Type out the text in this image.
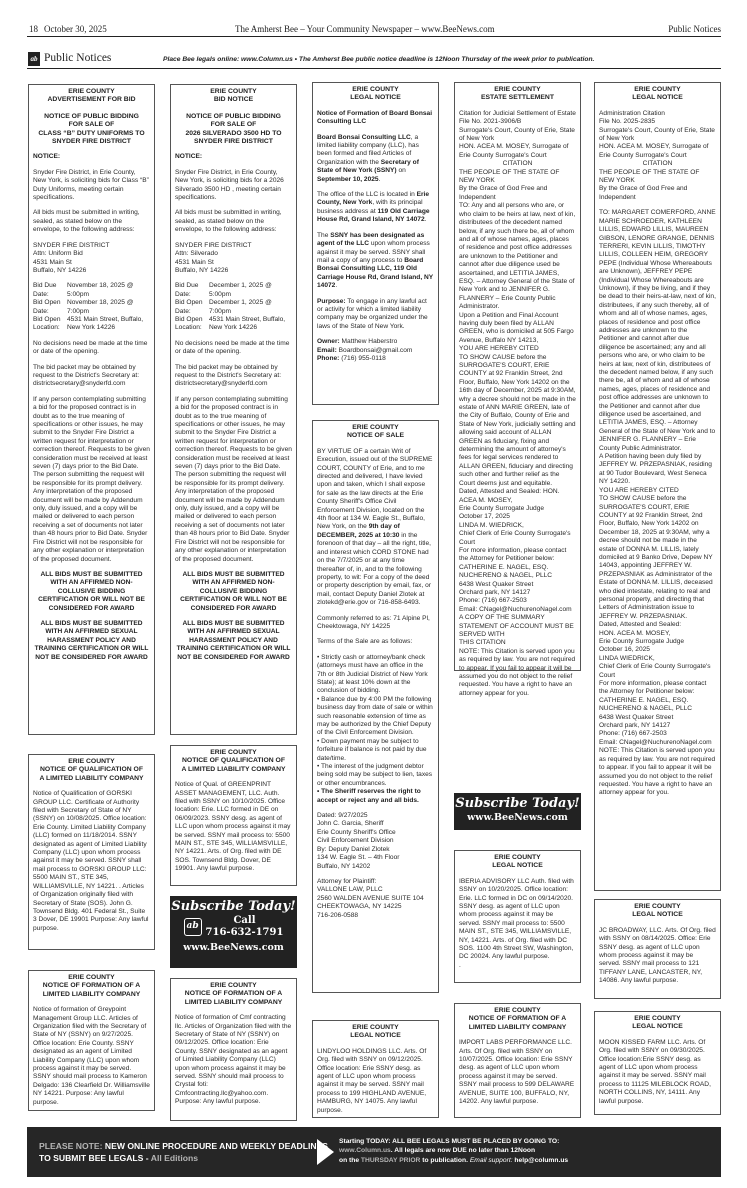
18 October 30, 2025	The Amherst Bee – Your Community Newspaper – www.BeeNews.com	Public Notices
ab Public Notices	Place Bee legals online: www.Column.us • The Amherst Bee public notice deadline is 12Noon Thursday of the week prior to publication.
ERIE COUNTY
ADVERTISEMENT FOR BID
NOTICE OF PUBLIC BIDDING
FOR SALE OF
CLASS “B” DUTY UNIFORMS TO
SNYDER FIRE DISTRICT
NOTICE:
Snyder Fire District, in Erie County, New York, is soliciting bids for Class “B” Duty Uniforms, meeting certain specifications.
All bids must be submitted in writing, sealed, as stated below on the envelope, to the following address:
SNYDER FIRE DISTRICT
Attn: Uniform Bid
4531 Main St
Buffalo, NY 14226
Bid Due Date:
November 18, 2025 @ 5:00pm
Bid Open Date:
November 18, 2025 @ 7:00pm
Bid Open Location:
4531 Main Street, Buffalo, New York 14226
No decisions need be made at the time or date of the opening.
The bid packet may be obtained by request to the District's Secretary at: districtsecretary@snyderfd.com
If any person contemplating submitting a bid for the proposed contract is in doubt as to the true meaning of specifications or other issues, he may submit to the Snyder Fire District a written request for interpretation or correction thereof. Requests to be given consideration must be received at least seven (7) days prior to the Bid Date. The person submitting the request will be responsible for its prompt delivery. Any interpretation of the proposed document will be made by Addendum only, duly issued, and a copy will be mailed or delivered to each person receiving a set of documents not later than 48 hours prior to Bid Date. Snyder Fire District will not be responsible for any other explanation or interpretation of the proposed document.
ALL BIDS MUST BE SUBMITTED WITH AN AFFIRMED NON-COLLUSIVE BIDDING CERTIFICATION OR WILL NOT BE CONSIDERED FOR AWARD
ALL BIDS MUST BE SUBMITTED WITH AN AFFIRMED SEXUAL HARASSMENT POLICY AND TRAINING CERTIFICATION OR WILL NOT BE CONSIDERED FOR AWARD
ERIE COUNTY
BID NOTICE
NOTICE OF PUBLIC BIDDING
FOR SALE OF
2026 SILVERADO 3500 HD TO
SNYDER FIRE DISTRICT
NOTICE:
Snyder Fire District, in Erie County, New York, is soliciting bids for a 2026 Silverado 3500 HD , meeting certain specifications.
All bids must be submitted in writing, sealed, as stated below on the envelope, to the following address:
SNYDER FIRE DISTRICT
Attn: Silverado
4531 Main St
Buffalo, NY 14226
Bid Due Date:
December 1, 2025 @ 5:00pm
Bid Open Date:
December 1, 2025 @ 7:00pm
Bid Open Location:
4531 Main Street, Buffalo, New York 14226
No decisions need be made at the time or date of the opening.
The bid packet may be obtained by request to the District's Secretary at: districtsecretary@snyderfd.com
If any person contemplating submitting a bid for the proposed contract is in doubt as to the true meaning of specifications or other issues, he may submit to the Snyder Fire District a written request for interpretation or correction thereof. Requests to be given consideration must be received at least seven (7) days prior to the Bid Date. The person submitting the request will be responsible for its prompt delivery. Any interpretation of the proposed document will be made by Addendum only, duly issued, and a copy will be mailed or delivered to each person receiving a set of documents not later than 48 hours prior to Bid Date. Snyder Fire District will not be responsible for any other explanation or interpretation of the proposed document.
ALL BIDS MUST BE SUBMITTED WITH AN AFFIRMED NON-COLLUSIVE BIDDING CERTIFICATION OR WILL NOT BE CONSIDERED FOR AWARD
ALL BIDS MUST BE SUBMITTED WITH AN AFFIRMED SEXUAL HARASSMENT POLICY AND TRAINING CERTIFICATION OR WILL NOT BE CONSIDERED FOR AWARD
ERIE COUNTY
NOTICE OF QUALIFICATION OF
A LIMITED LIABILITY COMPANY
Notice of Qualification of GORSKI GROUP LLC. Certificate of Authority filed with Secretary of State of NY (SSNY) on 10/08/2025. Office location: Erie County. Limited Liability Company (LLC) formed on 11/18/2014. SSNY designated as agent of Limited Liability Company (LLC) upon whom process against it may be served. SSNY shall mail process to GORSKI GROUP LLC: 5500 MAIN ST., STE 345, WILLIAMSVILLE, NY 14221. . Articles of Organization originally filed with Secretary of State (SOS). John G. Townsend Bldg. 401 Federal St., Suite 3 Dover, DE 19901 Purpose: Any lawful purpose.
ERIE COUNTY
NOTICE OF FORMATION OF A
LIMITED LIABILITY COMPANY
Notice of formation of Greypoint Management Group LLC. Articles of Organization filed with the Secretary of State of NY (SSNY) on 9/27/2025. Office location: Erie County. SSNY designated as an agent of Limited Liability Company (LLC) upon whom process against it may be served. SSNY should mail process to Kameron Delgado: 136 Clearfield Dr. Williamsville NY 14221. Purpose: Any lawful purpose.
ERIE COUNTY
NOTICE OF QUALIFICATION OF
A LIMITED LIABILITY COMPANY
Notice of Qual. of GREENPRINT ASSET MANAGEMENT, LLC. Auth. filed with SSNY on 10/10/2025. Office location: Erie. LLC formed in DE on 06/09/2023. SSNY desg. as agent of LLC upon whom process against it may be served. SSNY mail process to: 5500 MAIN ST., STE 345, WILLIAMSVILLE, NY 14221. Arts. of Org. filed with DE SOS. Townsend Bldg. Dover, DE 19901. Any lawful purpose.
ERIE COUNTY
NOTICE OF FORMATION OF A
LIMITED LIABILITY COMPANY
Notice of formation of Cmf contracting llc. Articles of Organization filed with the Secretary of State of NY (SSNY) on 09/12/2025. Office location: Erie County. SSNY designated as an agent of Limited Liability Company (LLC) upon whom process against it may be served. SSNY should mail process to Crystal foti: Cmfcontracting.llc@yahoo.com. Purpose: Any lawful purpose.
ERIE COUNTY
LEGAL NOTICE
Notice of Formation of Board Bonsai Consulting LLC
Board Bonsai Consulting LLC, a limited liability company (LLC), has been formed and filed Articles of Organization with the Secretary of State of New York (SSNY) on September 10, 2025.
The office of the LLC is located in Erie County, New York, with its principal business address at 119 Old Carriage House Rd, Grand Island, NY 14072.
The SSNY has been designated as agent of the LLC upon whom process against it may be served. SSNY shall mail a copy of any process to Board Bonsai Consulting LLC, 119 Old Carriage House Rd, Grand Island, NY 14072.
Purpose: To engage in any lawful act or activity for which a limited liability company may be organized under the laws of the State of New York.
Owner: Matthew Haberstro
Email: Boardbonsai@gmail.com
Phone: (716) 955-0118
ERIE COUNTY
NOTICE OF SALE
BY VIRTUE OF a certain Writ of Execution, issued out of the SUPREME COURT, COUNTY of Erie, and to me directed and delivered, I have levied upon and taken, which I shall expose for sale as the law directs at the Erie County Sheriff's Office Civil Enforcement Division, located on the 4th floor at 134 W. Eagle St., Buffalo, New York, on the 9th day of DECEMBER, 2025 at 10:30 in the forenoon of that day – all the right, title, and interest which CORD STONE had on the 7/7/2025 or at any time thereafter of, in, and to the following property, to wit: For a copy of the deed or property description by email, fax, or mail, contact Deputy Daniel Zlotek at zlotekd@erie.gov or 716-858-6493.
Commonly referred to as: 71 Alpine Pl, Cheektowaga, NY 14225
Terms of the Sale are as follows:
• Strictly cash or attorney/bank check (attorneys must have an office in the 7th or 8th Judicial District of New York State); at least 10% down at the conclusion of bidding.
• Balance due by 4:00 PM the following business day from date of sale or within such reasonable extension of time as may be authorized by the Chief Deputy of the Civil Enforcement Division.
• Down payment may be subject to forfeiture if balance is not paid by due date/time.
• The interest of the judgment debtor being sold may be subject to lien, taxes or other encumbrances.
• The Sheriff reserves the right to accept or reject any and all bids.
Dated: 9/27/2025
John C. Garcia, Sheriff
Erie County Sheriff's Office
Civil Enforcement Division
By: Deputy Daniel Zlotek
134 W. Eagle St. – 4th Floor
Buffalo, NY 14202
Attorney for Plaintiff:
VALLONE LAW, PLLC
2560 WALDEN AVENUE SUITE 104
CHEEKTOWAGA, NY 14225
716-206-0588
ERIE COUNTY
LEGAL NOTICE
LINDYLOO HOLDINGS LLC. Arts. Of Org. filed with SSNY on 09/12/2025. Office location: Erie SSNY desg. as agent of LLC upon whom process against it may be served. SSNY mail process to 199 HIGHLAND AVENUE, HAMBURG, NY 14075. Any lawful purpose.
ERIE COUNTY
ESTATE SETTLEMENT
Citation for Judicial Settlement of Estate
File No. 2021-3906/B
Surrogate's Court, County of Erie, State of New York
HON. ACEA M. MOSEY, Surrogate of Erie County Surrogate's Court
CITATION
THE PEOPLE OF THE STATE OF NEW YORK
By the Grace of God Free and Independent
TO: Any and all persons who are, or who claim to be heirs at law, next of kin, distributees of the decedent named below, if any such there be, all of whom and all of whose names, ages, places of residence and post office addresses are unknown to the Petitioner and cannot after due diligence used be ascertained, and LETITIA JAMES, ESQ. – Attorney General of the State of New York and to JENNIFER G. FLANNERY – Erie County Public Administrator.
Upon a Petition and Final Account having duly been filed by ALLAN GREEN, who is domiciled at 505 Fargo Avenue, Buffalo NY 14213,
YOU ARE HEREBY CITED
TO SHOW CAUSE before the SURROGATE'S COURT, ERIE COUNTY at 92 Franklin Street, 2nd Floor, Buffalo, New York 14202 on the 16th day of December, 2025 at 9:30AM, why a decree should not be made in the estate of ANN MARIE GREEN, late of the City of Buffalo, County of Erie and State of New York, judicially settling and allowing said account of ALLAN GREEN as fiduciary, fixing and determining the amount of attorney's fees for legal services rendered to ALLAN GREEN, fiduciary and directing such other and further relief as the Court deems just and equitable.
Dated, Attested and Sealed: HON. ACEA M. MOSEY,
Erie County Surrogate Judge
October 17, 2025
LINDA M. WIEDRICK,
Chief Clerk of Erie County Surrogate's Court
For more information, please contact
the Attorney for Petitioner below:
CATHERINE E. NAGEL, ESQ.
NUCHERENO & NAGEL, PLLC
6438 West Quaker Street
Orchard park, NY 14127
Phone: (716) 667-2503
Email: CNagel@NuchurenoNagel.com
A COPY OF THE SUMMARY STATEMENT OF ACCOUNT MUST BE SERVED WITH
THIS CITATION
NOTE: This Citation is served upon you as required by law. You are not required to appear. If you fail to appear it will be assumed you do not object to the relief requested. You have a right to have an attorney appear for you.
ERIE COUNTY
LEGAL NOTICE
IBERIA ADVISORY LLC Auth. filed with SSNY on 10/20/2025. Office location: Erie. LLC formed in DC on 09/14/2020. SSNY desg. as agent of LLC upon whom process against it may be served. SSNY mail process to: 5500 MAIN ST., STE 345, WILLIAMSVILLE, NY, 14221. Arts. of Org. filed with DC SOS. 1100 4th Street SW, Washington, DC 20024. Any lawful purpose.
.
ERIE COUNTY
NOTICE OF FORMATION OF A
LIMITED LIABILITY COMPANY
IMPORT LABS PERFORMANCE LLC. Arts. Of Org. filed with SSNY on 10/07/2025. Office location: Erie SSNY desg. as agent of LLC upon whom process against it may be served. SSNY mail process to 599 DELAWARE AVENUE, SUITE 100, BUFFALO, NY, 14202. Any lawful purpose.
ERIE COUNTY
LEGAL NOTICE
Administration Citation
File No. 2025-2835
Surrogate's Court, County of Erie, State of New York
HON. ACEA M. MOSEY, Surrogate of Erie County Surrogate's Court
CITATION
THE PEOPLE OF THE STATE OF NEW YORK
By the Grace of God Free and Independent
TO: MARGARET COMERFORD, ANNE MARIE SCHROEDER, KATHLEEN LILLIS, EDWARD LILLIS, MAUREEN GIBSON, LENORE GRANGE, DENNIS TERRERI, KEVIN LILLIS, TIMOTHY LILLIS, COLLEEN HEIM, GREGORY PEPE (Individual Whose Whereabouts are Unknown), JEFFREY PEPE (Individual Whose Whereabouts are Unknown), if they be living, and if they be dead to their heirs-at-law, next of kin, distributees, if any such thereby, all of whom and all of whose names, ages, places of residence and post office addresses are unknown to the Petitioner and cannot after due diligence be ascertained; any and all persons who are, or who claim to be heirs at law, next of kin, distributees of the decedent named below, if any such there be, all of whom and all of whose names, ages, places of residence and post office addresses are unknown to the Petitioner and cannot after due diligence used be ascertained, and LETITIA JAMES, ESQ. – Attorney General of the State of New York and to JENNIFER G. FLANNERY – Erie County Public Administrator.
A Petition having been duly filed by JEFFREY W. PRZEPASNIAK, residing at 90 Tudor Boulevard, West Seneca NY 14220.
YOU ARE HEREBY CITED
TO SHOW CAUSE before the SURROGATE'S COURT, ERIE COUNTY at 92 Franklin Street, 2nd Floor, Buffalo, New York 14202 on December 18, 2025 at 9:30AM, why a decree should not be made in the estate of DONNA M. LILLIS, lately domiciled at 9 Banko Drive, Depew NY 14043, appointing JEFFREY W. PRZEPASNIAK as Administrator of the Estate of DONNA M. LILLIS, deceased who died intestate, relating to real and personal property, and directing that Letters of Administration issue to JEFFREY W. PRZEPASNIAK.
Dated, Attested and Sealed:
HON. ACEA M. MOSEY,
Erie County Surrogate Judge
October 16, 2025
LINDA WIEDRICK,
Chief Clerk of Erie County Surrogate's Court
For more information, please contact the Attorney for Petitioner below:
CATHERINE E. NAGEL, ESQ.
NUCHERENO & NAGEL, PLLC
6438 West Quaker Street
Orchard park, NY 14127
Phone: (716) 667-2503
Email: CNagel@NuchurenoNagel.com
NOTE: This Citation is served upon you as required by law. You are not required to appear. If you fail to appear it will be assumed you do not object to the relief requested. You have a right to have an attorney appear for you.
ERIE COUNTY
LEGAL NOTICE
JC BROADWAY, LLC. Arts. Of Org. filed with SSNY on 08/14/2025. Office: Erie SSNY desg. as agent of LLC upon whom process against it may be served. SSNY mail process to 121 TIFFANY LANE, LANCASTER, NY, 14086. Any lawful purpose.
ERIE COUNTY
LEGAL NOTICE
MOON KISSED FARM LLC. Arts. Of Org. filed with SSNY on 09/30/2025. Office location:Erie SSNY desg. as agent of LLC upon whom process against it may be served. SSNY mail process to 11125 MILEBLOCK ROAD, NORTH COLLINS, NY, 14111. Any lawful purpose.
Subscribe Today!
ab	Call
716-632-1791
www.BeeNews.com
Subscribe Today!
www.BeeNews.com
PLEASE NOTE: NEW ONLINE PROCEDURE AND WEEKLY DEADLINES TO SUBMIT BEE LEGALS - All Editions
Starting TODAY: ALL BEE LEGALS MUST BE PLACED BY GOING TO:
www.Column.us. All legals are now DUE no later than 12Noon
on the THURSDAY PRIOR to publication. Email support: help@column.us
